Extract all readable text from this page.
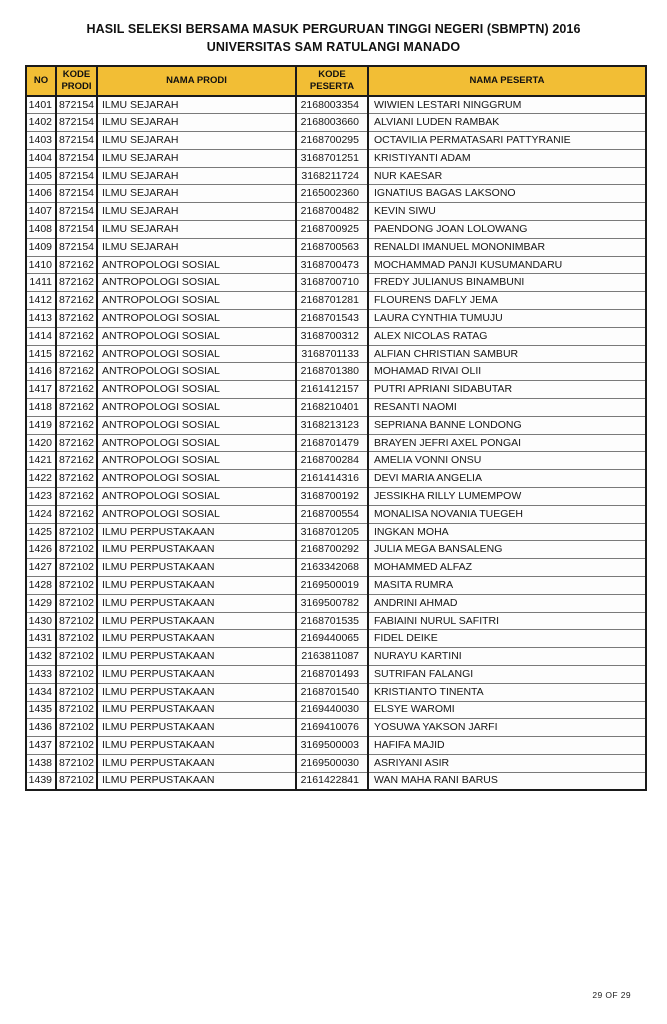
HASIL SELEKSI BERSAMA MASUK PERGURUAN TINGGI NEGERI (SBMPTN) 2016
UNIVERSITAS SAM RATULANGI MANADO
NO	KODE PRODI	NAMA PRODI	KODE PESERTA	NAMA PESERTA
1401	872154	ILMU SEJARAH	2168003354	WIWIEN LESTARI NINGGRUM
1402	872154	ILMU SEJARAH	2168003660	ALVIANI LUDEN RAMBAK
1403	872154	ILMU SEJARAH	2168700295	OCTAVILIA PERMATASARI PATTYRANIE
1404	872154	ILMU SEJARAH	3168701251	KRISTIYANTI ADAM
1405	872154	ILMU SEJARAH	3168211724	NUR KAESAR
1406	872154	ILMU SEJARAH	2165002360	IGNATIUS BAGAS LAKSONO
1407	872154	ILMU SEJARAH	2168700482	KEVIN SIWU
1408	872154	ILMU SEJARAH	2168700925	PAENDONG JOAN LOLOWANG
1409	872154	ILMU SEJARAH	2168700563	RENALDI IMANUEL MONONIMBAR
1410	872162	ANTROPOLOGI SOSIAL	3168700473	MOCHAMMAD PANJI KUSUMANDARU
1411	872162	ANTROPOLOGI SOSIAL	3168700710	FREDY JULIANUS BINAMBUNI
1412	872162	ANTROPOLOGI SOSIAL	2168701281	FLOURENS DAFLY JEMA
1413	872162	ANTROPOLOGI SOSIAL	2168701543	LAURA CYNTHIA TUMUJU
1414	872162	ANTROPOLOGI SOSIAL	3168700312	ALEX NICOLAS RATAG
1415	872162	ANTROPOLOGI SOSIAL	3168701133	ALFIAN CHRISTIAN SAMBUR
1416	872162	ANTROPOLOGI SOSIAL	2168701380	MOHAMAD RIVAI OLII
1417	872162	ANTROPOLOGI SOSIAL	2161412157	PUTRI APRIANI SIDABUTAR
1418	872162	ANTROPOLOGI SOSIAL	2168210401	RESANTI NAOMI
1419	872162	ANTROPOLOGI SOSIAL	3168213123	SEPRIANA BANNE LONDONG
1420	872162	ANTROPOLOGI SOSIAL	2168701479	BRAYEN JEFRI AXEL PONGAI
1421	872162	ANTROPOLOGI SOSIAL	2168700284	AMELIA VONNI ONSU
1422	872162	ANTROPOLOGI SOSIAL	2161414316	DEVI MARIA ANGELIA
1423	872162	ANTROPOLOGI SOSIAL	3168700192	JESSIKHA RILLY LUMEMPOW
1424	872162	ANTROPOLOGI SOSIAL	2168700554	MONALISA NOVANIA TUEGEH
1425	872102	ILMU PERPUSTAKAAN	3168701205	INGKAN MOHA
1426	872102	ILMU PERPUSTAKAAN	2168700292	JULIA MEGA BANSALENG
1427	872102	ILMU PERPUSTAKAAN	2163342068	MOHAMMED ALFAZ
1428	872102	ILMU PERPUSTAKAAN	2169500019	MASITA RUMRA
1429	872102	ILMU PERPUSTAKAAN	3169500782	ANDRINI AHMAD
1430	872102	ILMU PERPUSTAKAAN	2168701535	FABIAINI NURUL SAFITRI
1431	872102	ILMU PERPUSTAKAAN	2169440065	FIDEL DEIKE
1432	872102	ILMU PERPUSTAKAAN	2163811087	NURAYU KARTINI
1433	872102	ILMU PERPUSTAKAAN	2168701493	SUTRIFAN FALANGI
1434	872102	ILMU PERPUSTAKAAN	2168701540	KRISTIANTO TINENTA
1435	872102	ILMU PERPUSTAKAAN	2169440030	ELSYE WAROMI
1436	872102	ILMU PERPUSTAKAAN	2169410076	YOSUWA YAKSON JARFI
1437	872102	ILMU PERPUSTAKAAN	3169500003	HAFIFA MAJID
1438	872102	ILMU PERPUSTAKAAN	2169500030	ASRIYANI ASIR
1439	872102	ILMU PERPUSTAKAAN	2161422841	WAN MAHA RANI BARUS
29 OF 29
